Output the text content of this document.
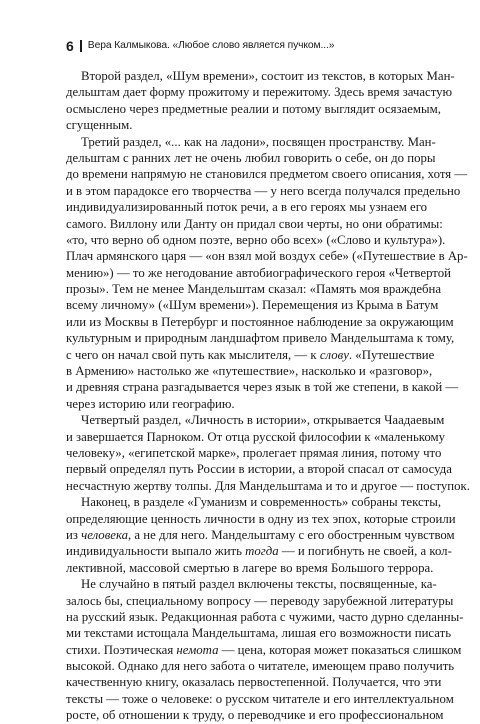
6 Вера Калмыкова. «Любое слово является пучком...»
Второй раздел, «Шум времени», состоит из текстов, в которых Ман-
дельштам дает форму прожитому и пережитому. Здесь время зачастую
осмыслено через предметные реалии и потому выглядит осязаемым,
сгущенным.
Третий раздел, «... как на ладони», посвящен пространству. Ман-
дельштам с ранних лет не очень любил говорить о себе, он до поры
до времени напрямую не становился предметом своего описания, хотя —
и в этом парадоксе его творчества — у него всегда получался предельно
индивидуализированный поток речи, а в его героях мы узнаем его
самого. Виллону или Данту он придал свои черты, но они обратимы:
«то, что верно об одном поэте, верно обо всех» («Слово и культура»).
Плач армянского царя — «он взял мой воздух себе» («Путешествие в Ар-
мению») — то же негодование автобиографического героя «Четвертой
прозы». Тем не менее Мандельштам сказал: «Память моя враждебна
всему личному» («Шум времени»). Перемещения из Крыма в Батум
или из Москвы в Петербург и постоянное наблюдение за окружающим
культурным и природным ландшафтом привело Мандельштама к тому,
с чего он начал свой путь как мыслителя, — к слову. «Путешествие
в Армению» настолько же «путешествие», насколько и «разговор»,
и древняя страна разгадывается через язык в той же степени, в какой —
через историю или географию.
Четвертый раздел, «Личность в истории», открывается Чаадаевым
и завершается Парноком. От отца русской философии к «маленькому
человеку», «египетской марке», пролегает прямая линия, потому что
первый определял путь России в истории, а второй спасал от самосуда
несчастную жертву толпы. Для Мандельштама и то и другое — поступок.
Наконец, в разделе «Гуманизм и современность» собраны тексты,
определяющие ценность личности в одну из тех эпох, которые строили
из человека, а не для него. Мандельштаму с его обостренным чувством
индивидуальности выпало жить тогда — и погибнуть не своей, а кол-
лективной, массовой смертью в лагере во время Большого террора.
Не случайно в пятый раздел включены тексты, посвященные, ка-
залось бы, специальному вопросу — переводу зарубежной литературы
на русский язык. Редакционная работа с чужими, часто дурно сделанны-
ми текстами истощала Мандельштама, лишая его возможности писать
стихи. Поэтическая немота — цена, которая может показаться слишком
высокой. Однако для него забота о читателе, имеющем право получить
качественную книгу, оказалась первостепенной. Получается, что эти
тексты — тоже о человеке: о русском читателе и его интеллектуальном
росте, об отношении к труду, о переводчике и его профессиональном
